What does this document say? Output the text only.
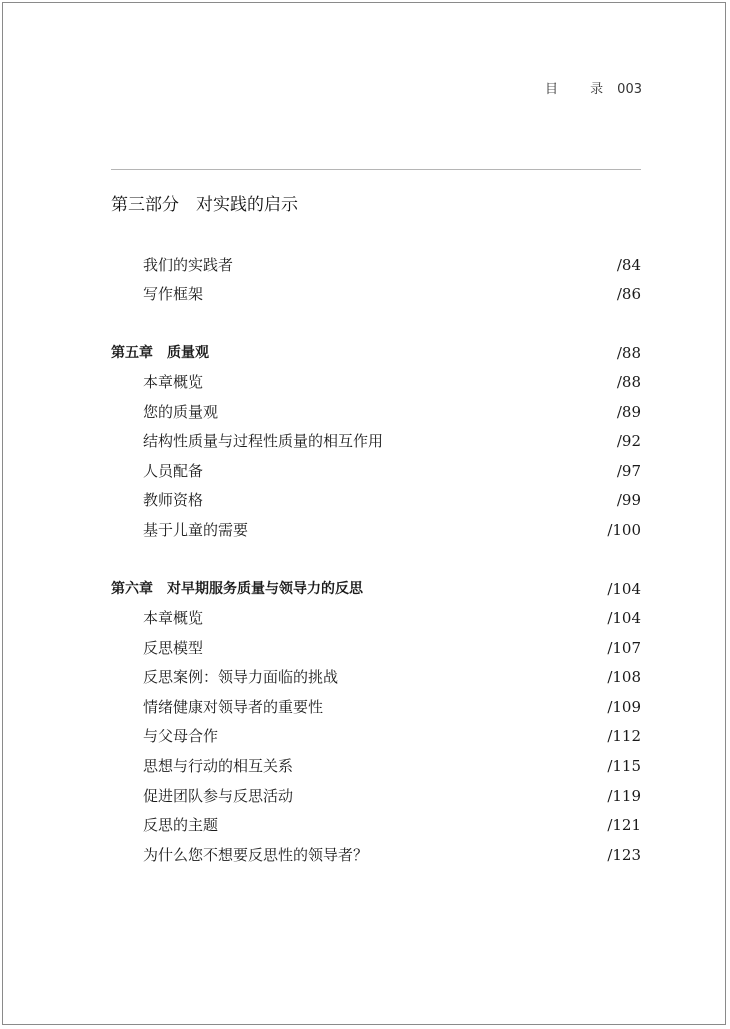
目 录003
第三部分　对实践的启示
我们的实践者	/84
写作框架	/86
第五章　质量观	/88
本章概览	/88
您的质量观	/89
结构性质量与过程性质量的相互作用	/92
人员配备	/97
教师资格	/99
基于儿童的需要	/100
第六章　对早期服务质量与领导力的反思	/104
本章概览	/104
反思模型	/107
反思案例：领导力面临的挑战	/108
情绪健康对领导者的重要性	/109
与父母合作	/112
思想与行动的相互关系	/115
促进团队参与反思活动	/119
反思的主题	/121
为什么您不想要反思性的领导者？	/123
